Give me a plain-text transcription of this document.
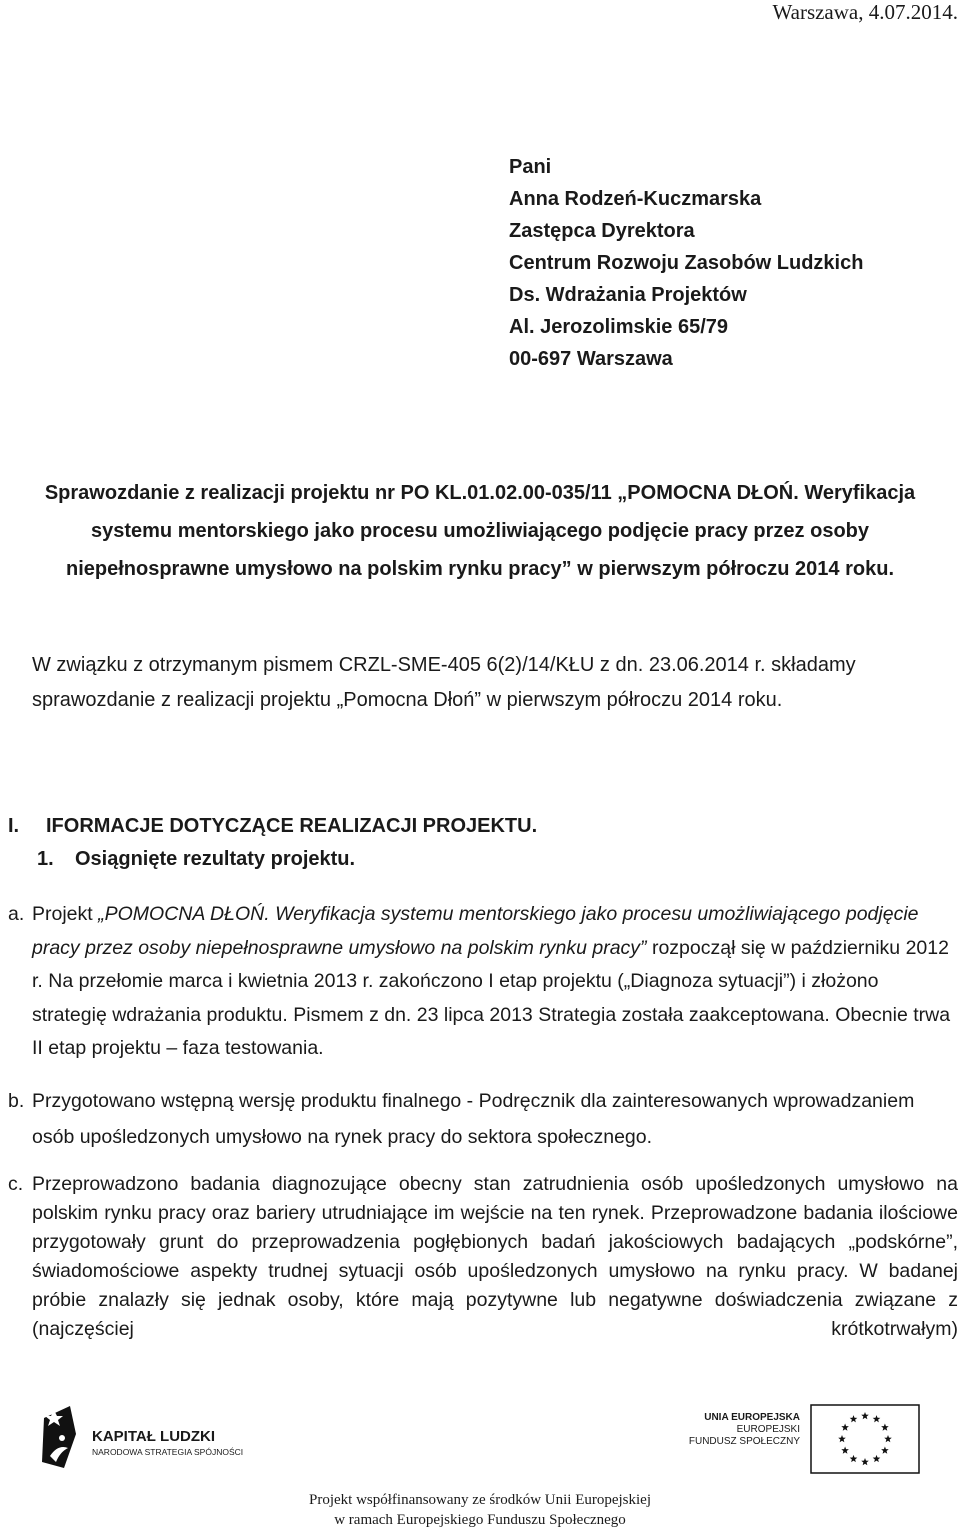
Warszawa, 4.07.2014.
Pani
Anna Rodzeń-Kuczmarska
Zastępca Dyrektora
Centrum Rozwoju Zasobów Ludzkich
Ds. Wdrażania Projektów
Al. Jerozolimskie 65/79
00-697 Warszawa
Sprawozdanie z realizacji projektu nr PO KL.01.02.00-035/11 „POMOCNA DŁOŃ. Weryfikacja
systemu mentorskiego jako procesu umożliwiającego podjęcie pracy przez osoby
niepełnosprawne umysłowo na polskim rynku pracy” w pierwszym półroczu 2014 roku.
W związku z otrzymanym pismem CRZL-SME-405 6(2)/14/KŁU z dn. 23.06.2014 r. składamy
sprawozdanie z realizacji projektu „Pomocna Dłoń” w pierwszym półroczu 2014 roku.
I. IFORMACJE DOTYCZĄCE REALIZACJI PROJEKTU.
1. Osiągnięte rezultaty projektu.
a. Projekt „POMOCNA DŁOŃ. Weryfikacja systemu mentorskiego jako procesu umożliwiającego podjęcie pracy przez osoby niepełnosprawne umysłowo na polskim rynku pracy” rozpoczął się w październiku 2012 r. Na przełomie marca i kwietnia 2013 r. zakończono I etap projektu („Diagnoza sytuacji”) i złożono strategię wdrażania produktu. Pismem z dn. 23 lipca 2013 Strategia została zaakceptowana. Obecnie trwa II etap projektu – faza testowania.
b. Przygotowano wstępną wersję produktu finalnego - Podręcznik dla zainteresowanych wprowadzaniem osób upośledzonych umysłowo na rynek pracy do sektora społecznego.
c. Przeprowadzono badania diagnozujące obecny stan zatrudnienia osób upośledzonych umysłowo na polskim rynku pracy oraz bariery utrudniające im wejście na ten rynek. Przeprowadzone badania ilościowe przygotowały grunt do przeprowadzenia pogłębionych badań jakościowych badających „podskórne”, świadomościowe aspekty trudnej sytuacji osób upośledzonych umysłowo na rynku pracy. W badanej próbie znalazły się jednak osoby, które mają pozytywne lub negatywne doświadczenia związane z (najczęściej krótkotrwałym)
KAPITAŁ LUDZKI
NARODOWA STRATEGIA SPÓJNOŚCI
UNIA EUROPEJSKA
EUROPEJSKI
FUNDUSZ SPOŁECZNY
Projekt współfinansowany ze środków Unii Europejskiej
w ramach Europejskiego Funduszu Społecznego
